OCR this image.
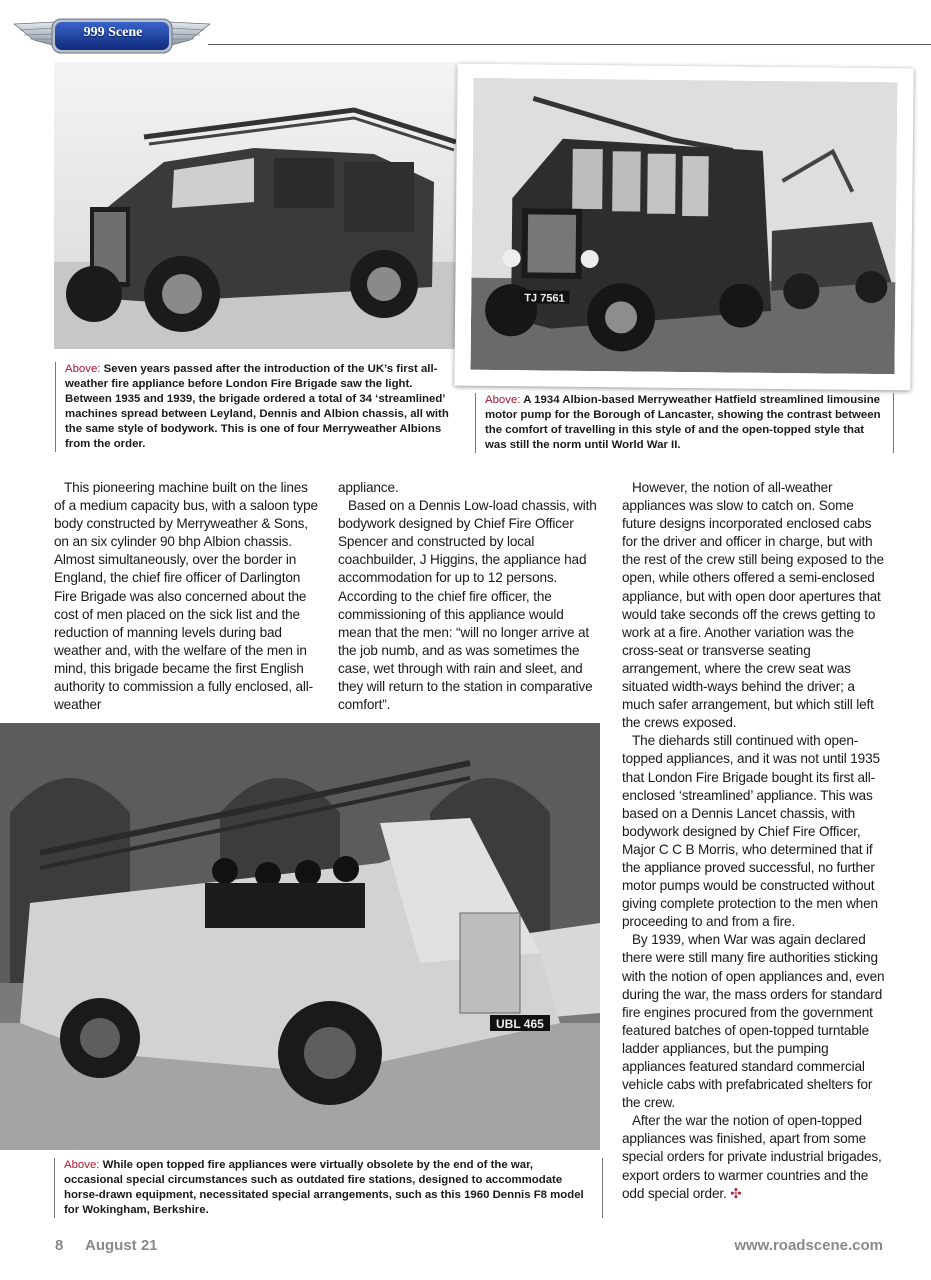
999 Scene
TJ 7561
Above: Seven years passed after the introduction of the UK’s first all-weather fire appliance before London Fire Brigade saw the light. Between 1935 and 1939, the brigade ordered a total of 34 ‘streamlined’ machines spread between Leyland, Dennis and Albion chassis, all with the same style of bodywork. This is one of four Merryweather Albions from the order.
Above: A 1934 Albion-based Merryweather Hatfield streamlined limousine motor pump for the Borough of Lancaster, showing the contrast between the comfort of travelling in this style of and the open-topped style that was still the norm until World War II.

This pioneering machine built on the lines of a medium capacity bus, with a saloon type body constructed by Merryweather & Sons, on an six cylinder 90 bhp Albion chassis. Almost simultaneously, over the border in England, the chief fire officer of Darlington Fire Brigade was also concerned about the cost of men placed on the sick list and the reduction of manning levels during bad weather and, with the welfare of the men in mind, this brigade became the first English authority to commission a fully enclosed, all-weather

appliance.

Based on a Dennis Low-load chassis, with bodywork designed by Chief Fire Officer Spencer and constructed by local coachbuilder, J Higgins, the appliance had accommodation for up to 12 persons. According to the chief fire officer, the commissioning of this appliance would mean that the men: “will no longer arrive at the job numb, and as was sometimes the case, wet through with rain and sleet, and they will return to the station in comparative comfort”.

However, the notion of all-weather appliances was slow to catch on. Some future designs incorporated enclosed cabs for the driver and officer in charge, but with the rest of the crew still being exposed to the open, while others offered a semi-enclosed appliance, but with open door apertures that would take seconds off the crews getting to work at a fire. Another variation was the cross-seat or transverse seating arrangement, where the crew seat was situated width-ways behind the driver; a much safer arrangement, but which still left the crews exposed.

The diehards still continued with open-topped appliances, and it was not until 1935 that London Fire Brigade bought its first all-enclosed ‘streamlined’ appliance. This was based on a Dennis Lancet chassis, with bodywork designed by Chief Fire Officer, Major C C B Morris, who determined that if the appliance proved successful, no further motor pumps would be constructed without giving complete protection to the men when proceeding to and from a fire.

By 1939, when War was again declared there were still many fire authorities sticking with the notion of open appliances and, even during the war, the mass orders for standard fire engines procured from the government featured batches of open-topped turntable ladder appliances, but the pumping appliances featured standard commercial vehicle cabs with prefabricated shelters for the crew.

After the war the notion of open-topped appliances was finished, apart from some special orders for private industrial brigades, export orders to warmer countries and the odd special order. ✣

UBL 465
Above: While open topped fire appliances were virtually obsolete by the end of the war, occasional special circumstances such as outdated fire stations, designed to accommodate horse-drawn equipment, necessitated special arrangements, such as this 1960 Dennis F8 model for Wokingham, Berkshire.
8 August 21	www.roadscene.com
